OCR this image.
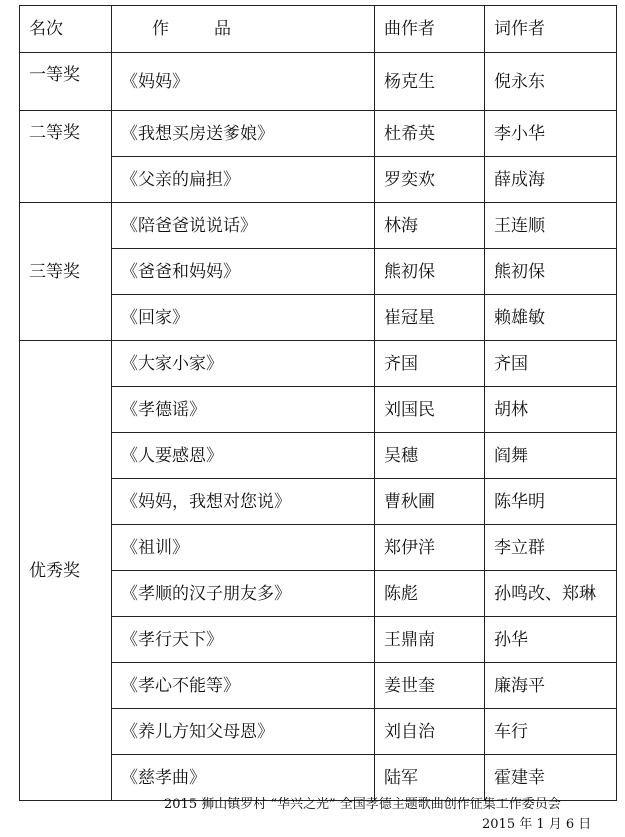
名次	作　品	曲作者	词作者
一等奖	《妈妈》	杨克生	倪永东
二等奖	《我想买房送爹娘》	杜希英	李小华
	《父亲的扁担》	罗奕欢	薛成海
三等奖	《陪爸爸说说话》	林海	王连顺
	《爸爸和妈妈》	熊初保	熊初保
	《回家》	崔冠星	赖雄敏
优秀奖	《大家小家》	齐国	齐国
	《孝德谣》	刘国民	胡林
	《人要感恩》	吴穗	阎舞
	《妈妈，我想对您说》	曹秋圃	陈华明
	《祖训》	郑伊洋	李立群
	《孝顺的汉子朋友多》	陈彪	孙鸣改、郑琳
	《孝行天下》	王鼎南	孙华
	《孝心不能等》	姜世奎	廉海平
	《养儿方知父母恩》	刘自治	车行
	《慈孝曲》	陆军	霍建幸
2015 狮山镇罗村 “华兴之光” 全国孝德主题歌曲创作征集工作委员会
2015 年 1 月 6 日
